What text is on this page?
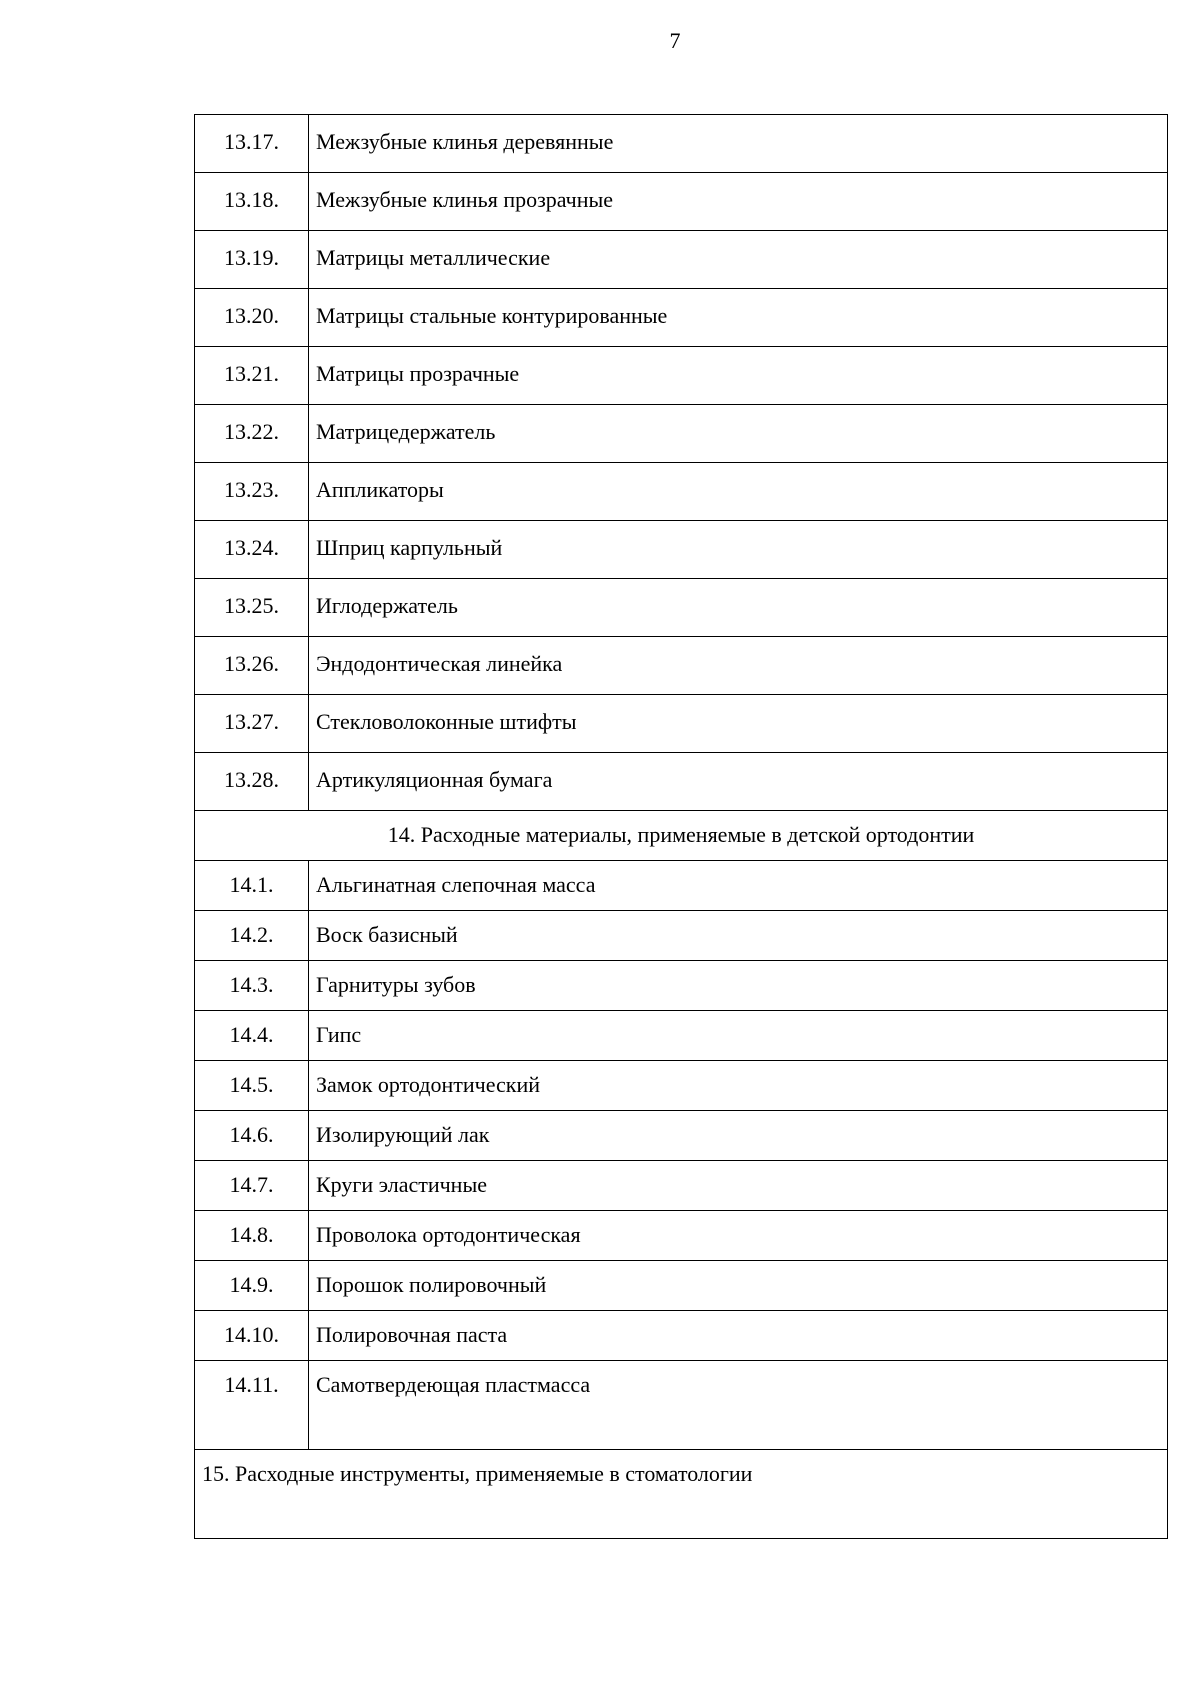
7
13.17.	Межзубные клинья деревянные
13.18.	Межзубные клинья прозрачные
13.19.	Матрицы металлические
13.20.	Матрицы стальные контурированные
13.21.	Матрицы прозрачные
13.22.	Матрицедержатель
13.23.	Аппликаторы
13.24.	Шприц карпульный
13.25.	Иглодержатель
13.26.	Эндодонтическая линейка
13.27.	Стекловолоконные штифты
13.28.	Артикуляционная бумага
14. Расходные материалы, применяемые в детской ортодонтии	
14.1.	Альгинатная слепочная масса
14.2.	Воск базисный
14.3.	Гарнитуры зубов
14.4.	Гипс
14.5.	Замок ортодонтический
14.6.	Изолирующий лак
14.7.	Круги эластичные
14.8.	Проволока ортодонтическая
14.9.	Порошок полировочный
14.10.	Полировочная паста
14.11.	Самотвердеющая пластмасса
15. Расходные инструменты, применяемые в стоматологии	
